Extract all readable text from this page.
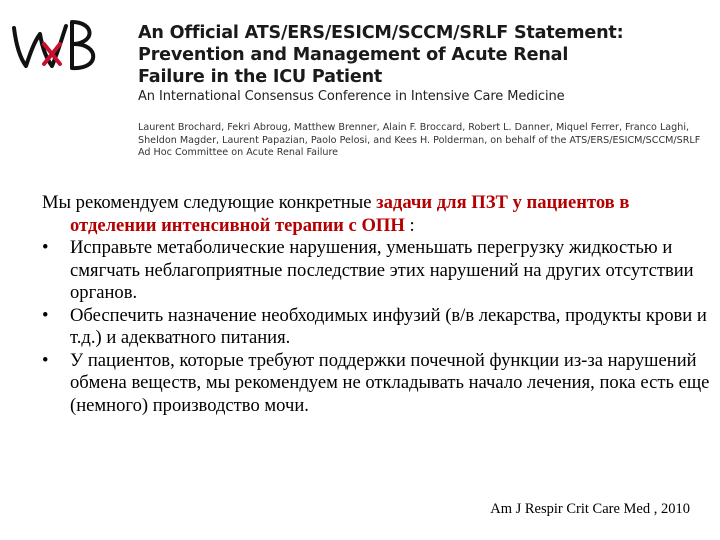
An Official ATS/ERS/ESICM/SCCM/SRLF Statement:
Prevention and Management of Acute Renal
Failure in the ICU Patient
An International Consensus Conference in Intensive Care Medicine
Laurent Brochard, Fekri Abroug, Matthew Brenner, Alain F. Broccard, Robert L. Danner, Miquel Ferrer, Franco Laghi,
Sheldon Magder, Laurent Papazian, Paolo Pelosi, and Kees H. Polderman, on behalf of the ATS/ERS/ESICM/SCCM/SRLF
Ad Hoc Committee on Acute Renal Failure
Мы рекомендуем следующие конкретные задачи для ПЗТ у пациентов в отделении интенсивной терапии с ОПН :
• Исправьте метаболические нарушения, уменьшать перегрузку жидкостью и смягчать неблагоприятные последствие этих нарушений на других отсутствии органов.
• Обеспечить назначение необходимых инфузий (в/в лекарства, продукты крови и т.д.) и адекватного питания.
• У пациентов, которые требуют поддержки почечной функции из-за нарушений обмена веществ, мы рекомендуем не откладывать начало лечения, пока есть еще (немного) производство мочи.
Am J Respir Crit Care Med , 2010
